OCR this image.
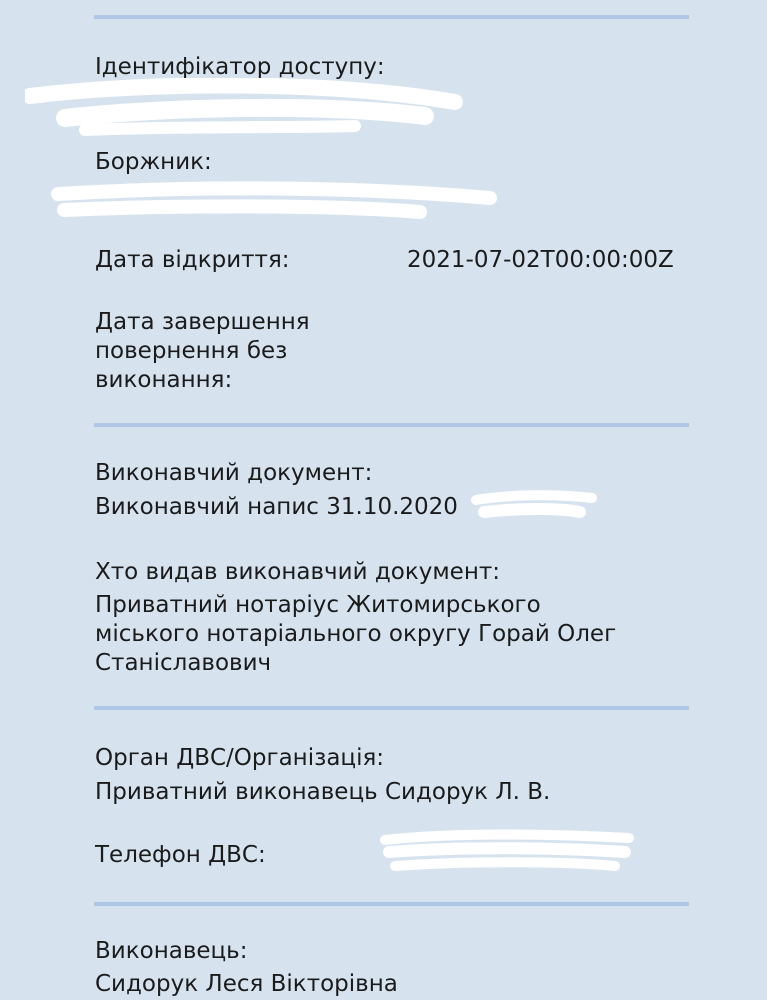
Ідентифікатор доступу:
Боржник:
сна
Дата відкриття:	2021-07-02T00:00:00Z
Дата завершення
повернення без
виконання:
Виконавчий документ:
Виконавчий напис 31.10.2020
Хто видав виконавчий документ:
Приватний нотаріус Житомирського
міського нотаріального округу Горай Олег
Станіславович
Орган ДВС/Організація:
Приватний виконавець Сидорук Л. В.
Телефон ДВС:
Виконавець:
Сидорук Леся Вікторівна
